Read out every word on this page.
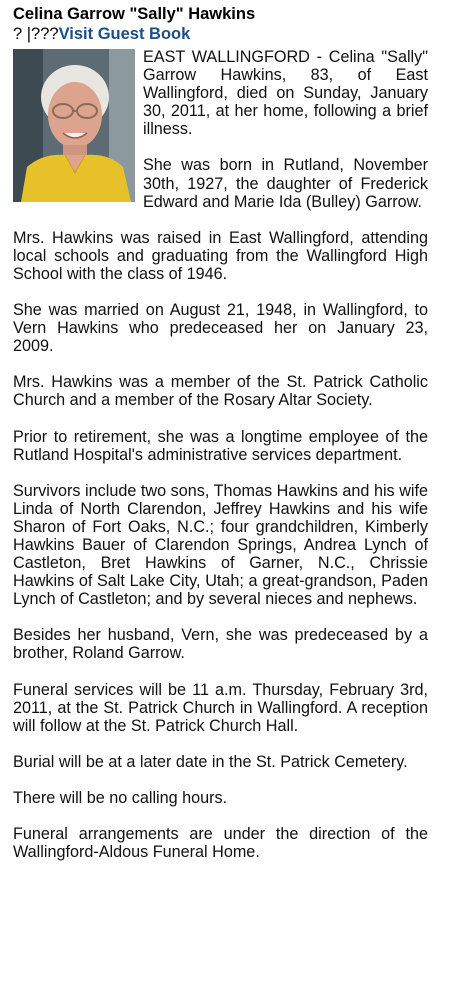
Celina Garrow "Sally" Hawkins
? |???Visit Guest Book

EAST WALLINGFORD - Celina "Sally" Garrow Hawkins, 83, of East Wallingford, died on Sunday, January 30, 2011, at her home, following a brief illness.

She was born in Rutland, November 30th, 1927, the daughter of Frederick Edward and Marie Ida (Bulley) Garrow.

Mrs. Hawkins was raised in East Wallingford, attending local schools and graduating from the Wallingford High School with the class of 1946.

She was married on August 21, 1948, in Wallingford, to Vern Hawkins who predeceased her on January 23, 2009.

Mrs. Hawkins was a member of the St. Patrick Catholic Church and a member of the Rosary Altar Society.

Prior to retirement, she was a longtime employee of the Rutland Hospital's administrative services department.

Survivors include two sons, Thomas Hawkins and his wife Linda of North Clarendon, Jeffrey Hawkins and his wife Sharon of Fort Oaks, N.C.; four grandchildren, Kimberly Hawkins Bauer of Clarendon Springs, Andrea Lynch of Castleton, Bret Hawkins of Garner, N.C., Chrissie Hawkins of Salt Lake City, Utah; a great-grandson, Paden Lynch of Castleton; and by several nieces and nephews.

Besides her husband, Vern, she was predeceased by a brother, Roland Garrow.

Funeral services will be 11 a.m. Thursday, February 3rd, 2011, at the St. Patrick Church in Wallingford. A reception will follow at the St. Patrick Church Hall.

Burial will be at a later date in the St. Patrick Cemetery.

There will be no calling hours.

Funeral arrangements are under the direction of the Wallingford-Aldous Funeral Home.
